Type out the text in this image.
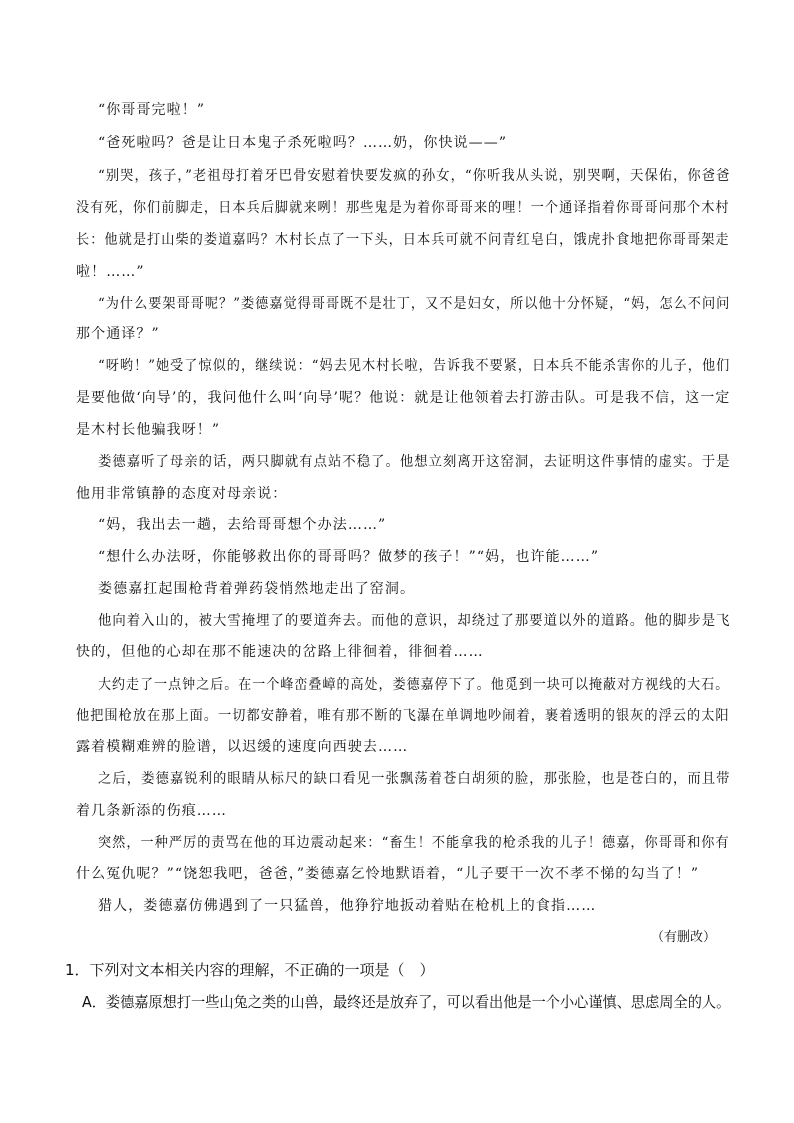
“你哥哥完啦！”
“爸死啦吗？爸是让日本鬼子杀死啦吗？……奶，你快说——”
“别哭，孩子，”老祖母打着牙巴骨安慰着快要发疯的孙女，“你听我从头说，别哭啊，天保佑，你爸爸
没有死，你们前脚走，日本兵后脚就来咧！那些鬼是为着你哥哥来的哩！一个通译指着你哥哥问那个木村
长：他就是打山柴的娄道嘉吗？木村长点了一下头，日本兵可就不问青红皂白，饿虎扑食地把你哥哥架走
啦！……”
“为什么要架哥哥呢？”娄德嘉觉得哥哥既不是壮丁，又不是妇女，所以他十分怀疑，“妈，怎么不问问
那个通译？”
“呀哟！”她受了惊似的，继续说：“妈去见木村长啦，告诉我不要紧，日本兵不能杀害你的儿子，他们
是要他做‘向导’的，我问他什么叫‘向导’呢？他说：就是让他领着去打游击队。可是我不信，这一定
是木村长他骗我呀！”
娄德嘉听了母亲的话，两只脚就有点站不稳了。他想立刻离开这窑洞，去证明这件事情的虚实。于是
他用非常镇静的态度对母亲说：
“妈，我出去一趟，去给哥哥想个办法……”
“想什么办法呀，你能够救出你的哥哥吗？做梦的孩子！”“妈，也许能……”
娄德嘉扛起围枪背着弹药袋悄然地走出了窑洞。
他向着入山的，被大雪掩埋了的要道奔去。而他的意识，却绕过了那要道以外的道路。他的脚步是飞
快的，但他的心却在那不能速决的岔路上徘徊着，徘徊着……
大约走了一点钟之后。在一个峰峦叠嶂的高处，娄德嘉停下了。他觅到一块可以掩蔽对方视线的大石。
他把围枪放在那上面。一切都安静着，唯有那不断的飞瀑在单调地吵闹着，裹着透明的银灰的浮云的太阳
露着模糊难辨的脸谱，以迟缓的速度向西驶去……
之后，娄德嘉锐利的眼睛从标尺的缺口看见一张飘荡着苍白胡须的脸，那张脸，也是苍白的，而且带
着几条新添的伤痕……
突然，一种严厉的责骂在他的耳边震动起来：“畜生！不能拿我的枪杀我的儿子！德嘉，你哥哥和你有
什么冤仇呢？”“饶恕我吧，爸爸，”娄德嘉乞怜地默语着，“儿子要干一次不孝不悌的勾当了！”
猎人，娄德嘉仿佛遇到了一只猛兽，他狰狞地扳动着贴在枪机上的食指……
（有删改）
1．下列对文本相关内容的理解，不正确的一项是（　）
A．娄德嘉原想打一些山兔之类的山兽，最终还是放弃了，可以看出他是一个小心谨慎、思虑周全的人。
